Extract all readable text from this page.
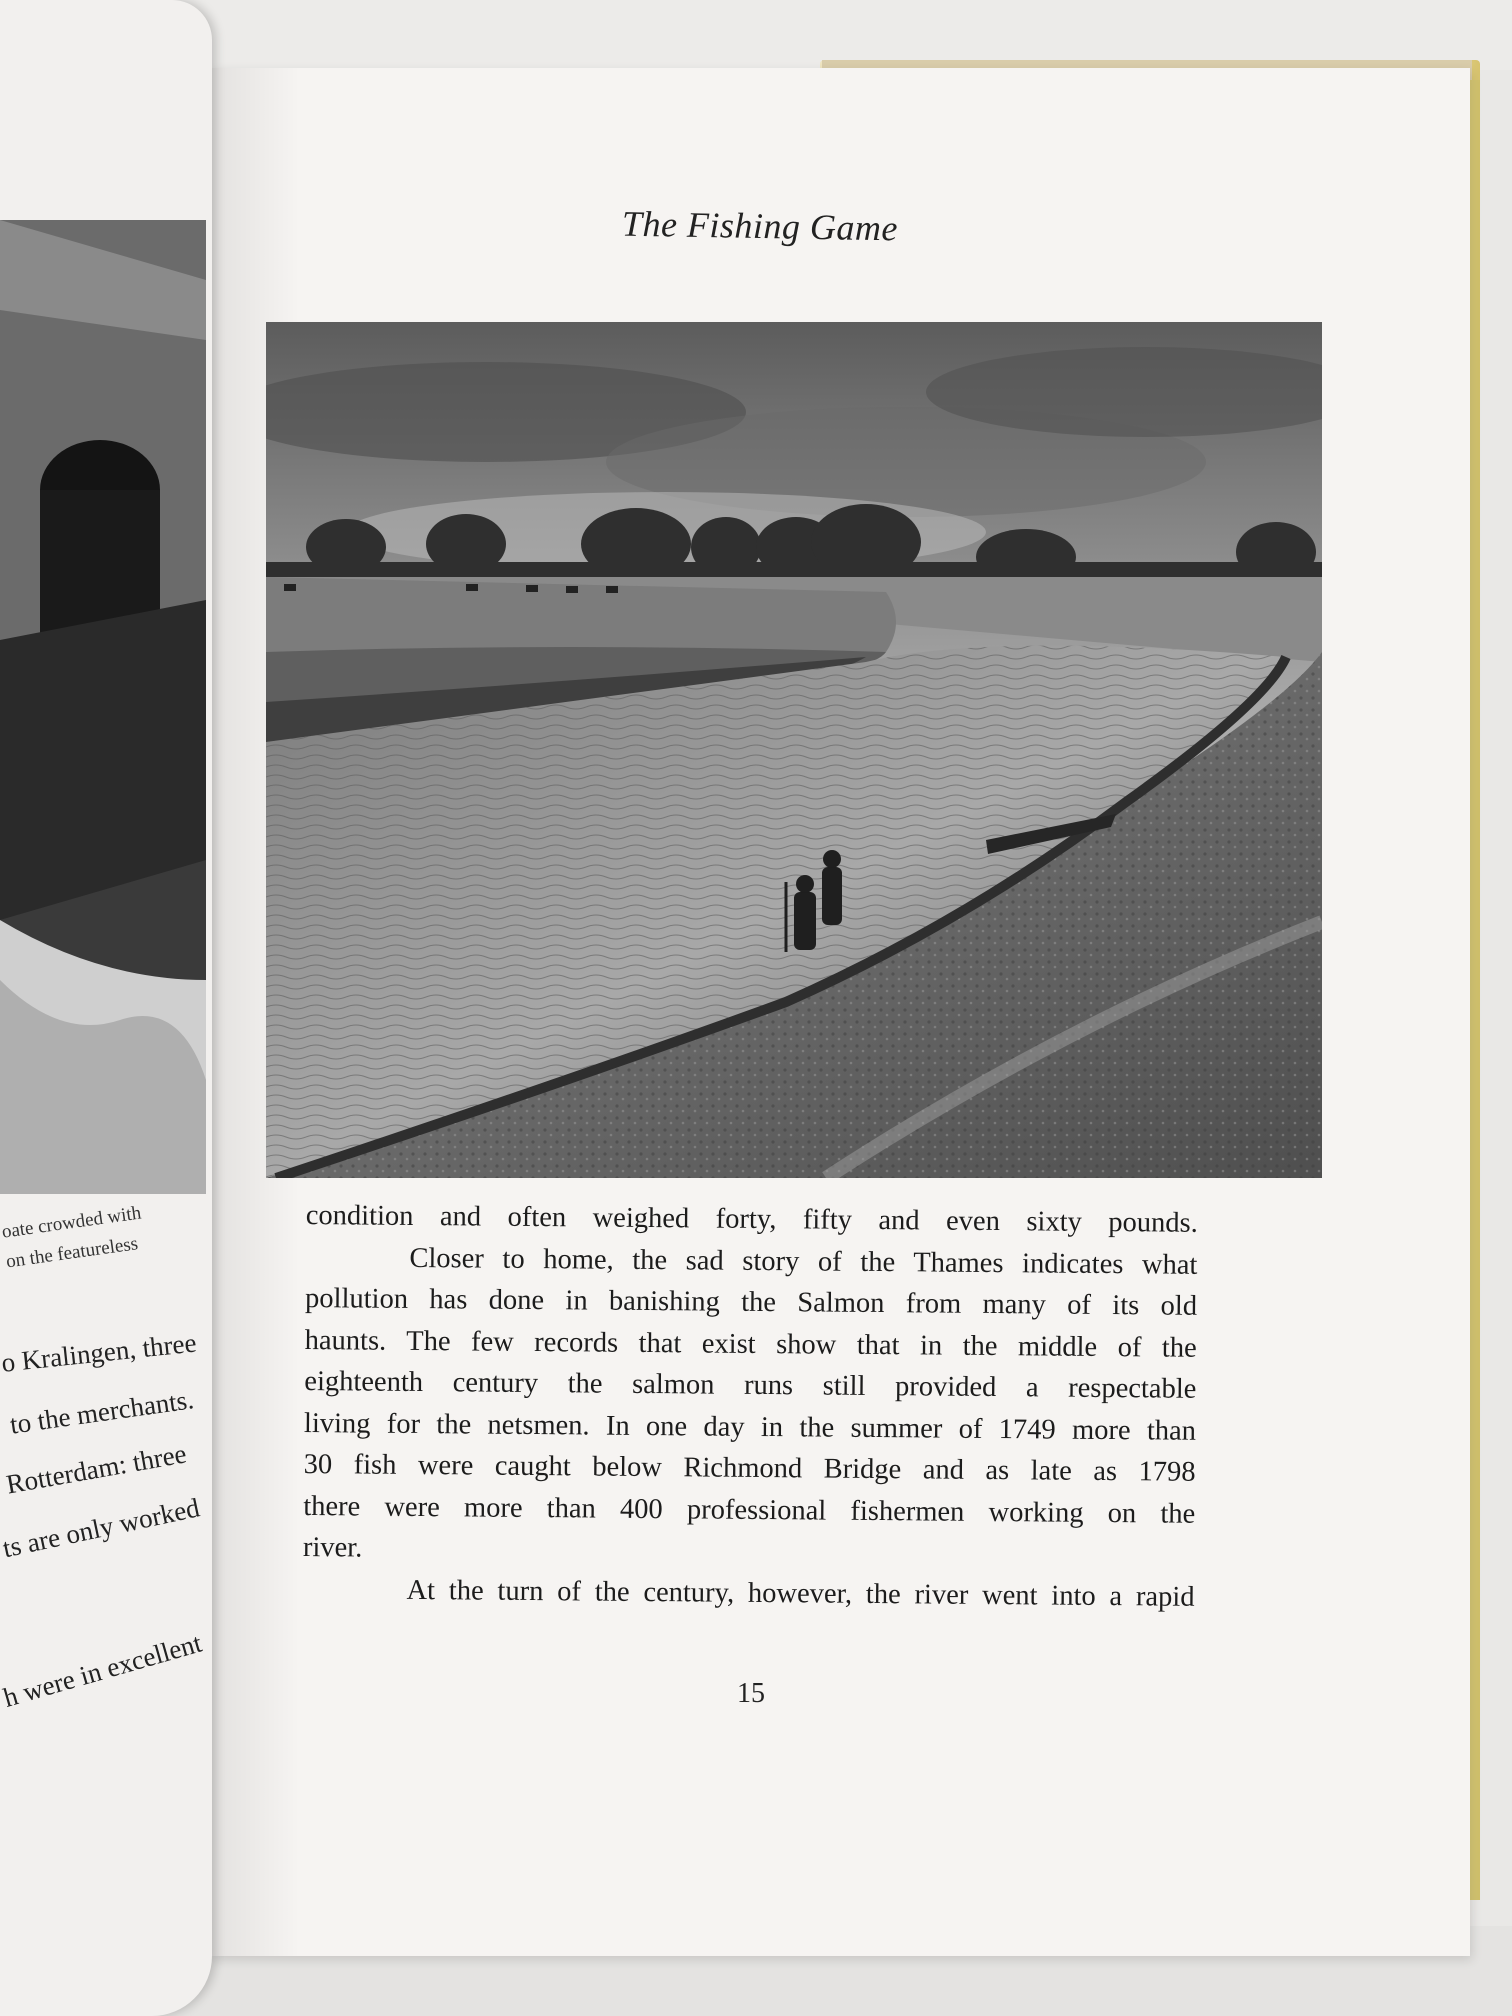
The Fishing Game
condition and often weighed forty, fifty and even sixty pounds.
Closer to home, the sad story of the Thames indicates what
pollution has done in banishing the Salmon from many of its old
haunts. The few records that exist show that in the middle of the
eighteenth century the salmon runs still provided a respectable
living for the netsmen. In one day in the summer of 1749 more than
30 fish were caught below Richmond Bridge and as late as 1798
there were more than 400 professional fishermen working on the
river.
At the turn of the century, however, the river went into a rapid
15
oate crowded with
on the featureless
o Kralingen, three
to the merchants.
Rotterdam: three
ts are only worked
h were in excellent
